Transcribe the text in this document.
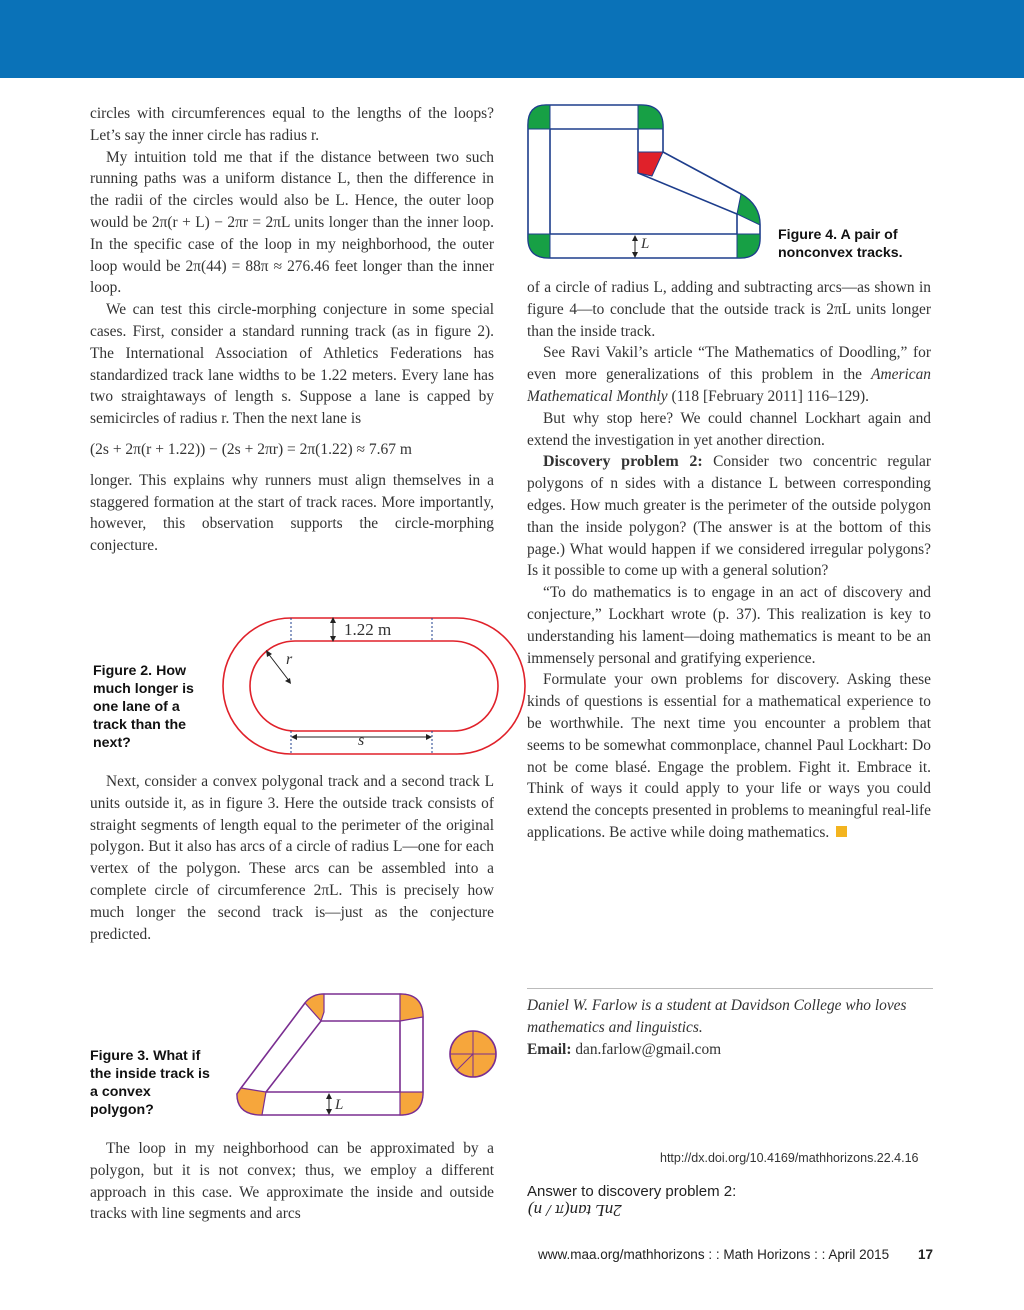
circles with circumferences equal to the lengths of the loops? Let’s say the inner circle has radius r.

My intuition told me that if the distance between two such running paths was a uniform distance L, then the difference in the radii of the circles would also be L. Hence, the outer loop would be 2π(r + L) − 2πr = 2πL units longer than the inner loop. In the specific case of the loop in my neighborhood, the outer loop would be 2π(44) = 88π ≈ 276.46 feet longer than the inner loop.

We can test this circle-morphing conjecture in some special cases. First, consider a standard running track (as in figure 2). The International Association of Athletics Federations has standardized track lane widths to be 1.22 meters. Every lane has two straightaways of length s. Suppose a lane is capped by semicircles of radius r. Then the next lane is

(2s + 2π(r + 1.22)) − (2s + 2πr) = 2π(1.22) ≈ 7.67 m

longer. This explains why runners must align themselves in a staggered formation at the start of track races. More importantly, however, this observation supports the circle-morphing conjecture.

Figure 2. How much longer is one lane of a track than the next?
1.22 m
r
s

Next, consider a convex polygonal track and a second track L units outside it, as in figure 3. Here the outside track consists of straight segments of length equal to the perimeter of the original polygon. But it also has arcs of a circle of radius L—one for each vertex of the polygon. These arcs can be assembled into a complete circle of circumference 2πL. This is precisely how much longer the second track is—just as the conjecture predicted.

Figure 3. What if the inside track is a convex polygon?	L

The loop in my neighborhood can be approximated by a polygon, but it is not convex; thus, we employ a different approach in this case. We approximate the inside and outside tracks with line segments and arcs

L
Figure 4. A pair of nonconvex tracks.

of a circle of radius L, adding and subtracting arcs—as shown in figure 4—to conclude that the outside track is 2πL units longer than the inside track.

See Ravi Vakil’s article “The Mathematics of Doodling,” for even more generalizations of this problem in the American Mathematical Monthly (118 [February 2011] 116–129).

But why stop here? We could channel Lockhart again and extend the investigation in yet another direction.

Discovery problem 2: Consider two concentric regular polygons of n sides with a distance L between corresponding edges. How much greater is the perimeter of the outside polygon than the inside polygon? (The answer is at the bottom of this page.) What would happen if we considered irregular polygons? Is it possible to come up with a general solution?

“To do mathematics is to engage in an act of discovery and conjecture,” Lockhart wrote (p. 37). This realization is key to understanding his lament—doing mathematics is meant to be an immensely personal and gratifying experience.

Formulate your own problems for discovery. Asking these kinds of questions is essential for a mathematical experience to be worthwhile. The next time you encounter a problem that seems to be somewhat commonplace, channel Paul Lockhart: Do not be come blasé. Engage the problem. Fight it. Embrace it. Think of ways it could apply to your life or ways you could extend the concepts presented in problems to meaningful real-life applications. Be active while doing mathematics.

Daniel W. Farlow is a student at Davidson College who loves mathematics and linguistics.

Email: dan.farlow@gmail.com

http://dx.doi.org/10.4169/mathhorizons.22.4.16
Answer to discovery problem 2:
2nL tan(π / n)
www.maa.org/mathhorizons : : Math Horizons : : April 2015 17
